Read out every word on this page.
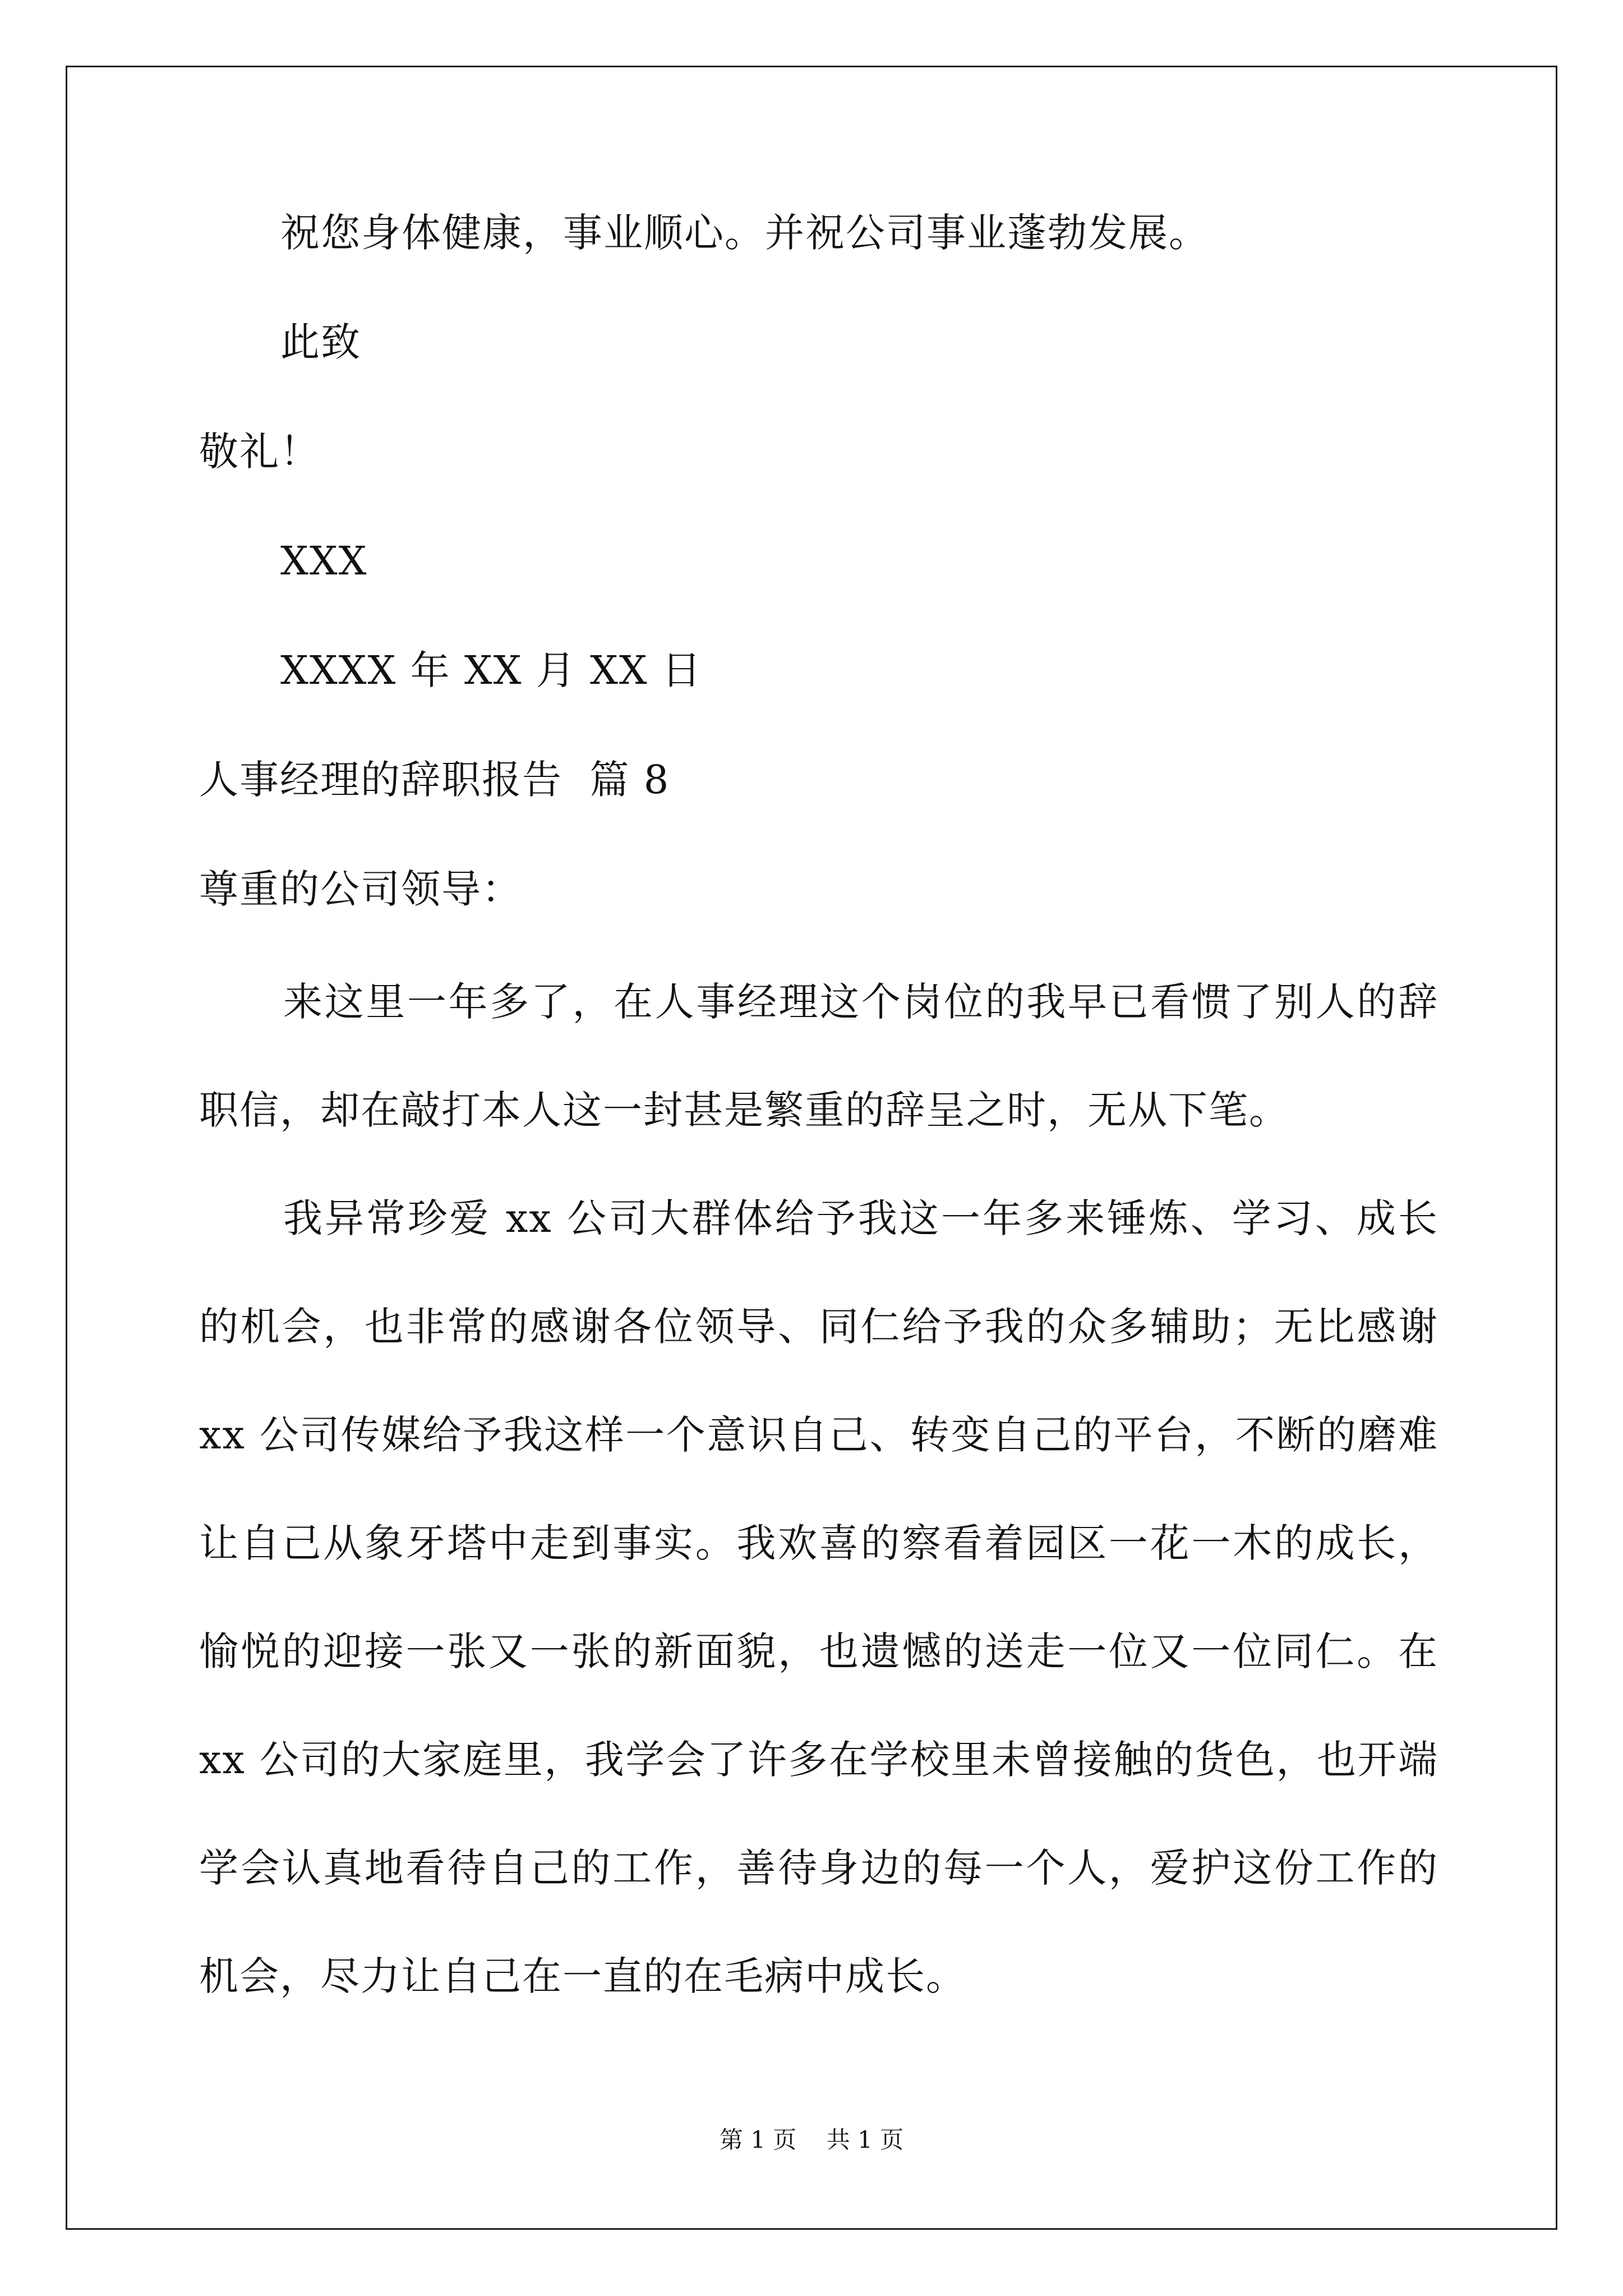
祝您身体健康，事业顺心。并祝公司事业蓬勃发展。
此致
敬礼！
XXX
XXXX 年 XX 月 XX 日
人事经理的辞职报告  篇 8
尊重的公司领导：
来这里一年多了，在人事经理这个岗位的我早已看惯了别人的辞职信，却在敲打本人这一封甚是繁重的辞呈之时，无从下笔。
我异常珍爱 xx 公司大群体给予我这一年多来锤炼、学习、成长的机会，也非常的感谢各位领导、同仁给予我的众多辅助；无比感谢 xx 公司传媒给予我这样一个意识自己、转变自己的平台，不断的磨难让自己从象牙塔中走到事实。我欢喜的察看着园区一花一木的成长，愉悦的迎接一张又一张的新面貌，也遗憾的送走一位又一位同仁。在 xx 公司的大家庭里，我学会了许多在学校里未曾接触的货色，也开端学会认真地看待自己的工作，善待身边的每一个人，爱护这份工作的机会，尽力让自己在一直的在毛病中成长。
第 1 页    共 1 页
